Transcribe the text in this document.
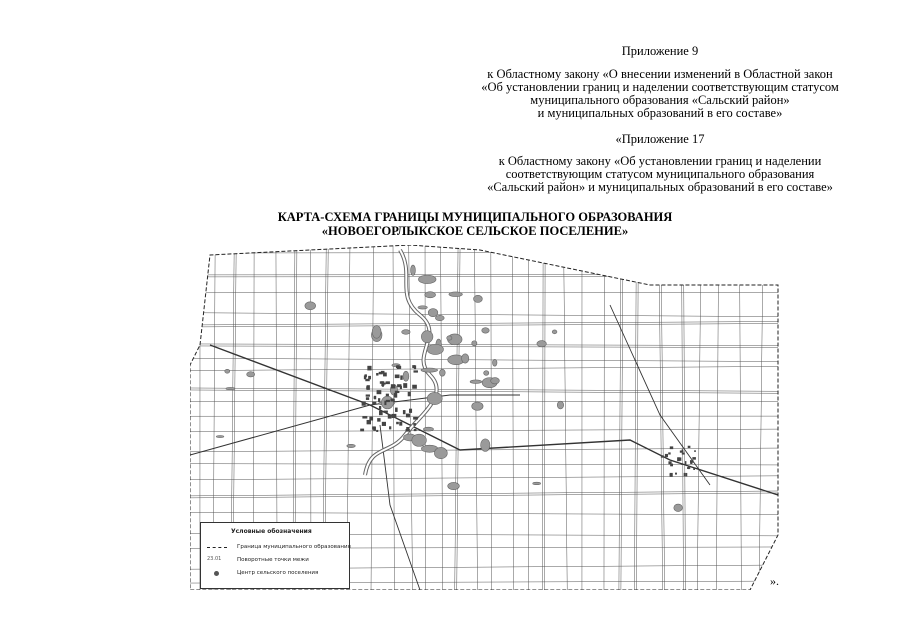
Приложение 9
к Областному закону «О внесении изменений в Областной закон
«Об установлении границ и наделении соответствующим статусом
муниципального образования «Сальский район»
и муниципальных образований в его составе»
«Приложение 17
к Областному закону «Об установлении границ и наделении
соответствующим статусом муниципального образования
«Сальский район» и муниципальных образований в его составе»
КАРТА-СХЕМА ГРАНИЦЫ МУНИЦИПАЛЬНОГО ОБРАЗОВАНИЯ
«НОВОЕГОРЛЫКСКОЕ СЕЛЬСКОЕ ПОСЕЛЕНИЕ»
Условные обозначения
Граница муниципального образования
23.01	Поворотные точки межи
Центр сельского поселения
».
